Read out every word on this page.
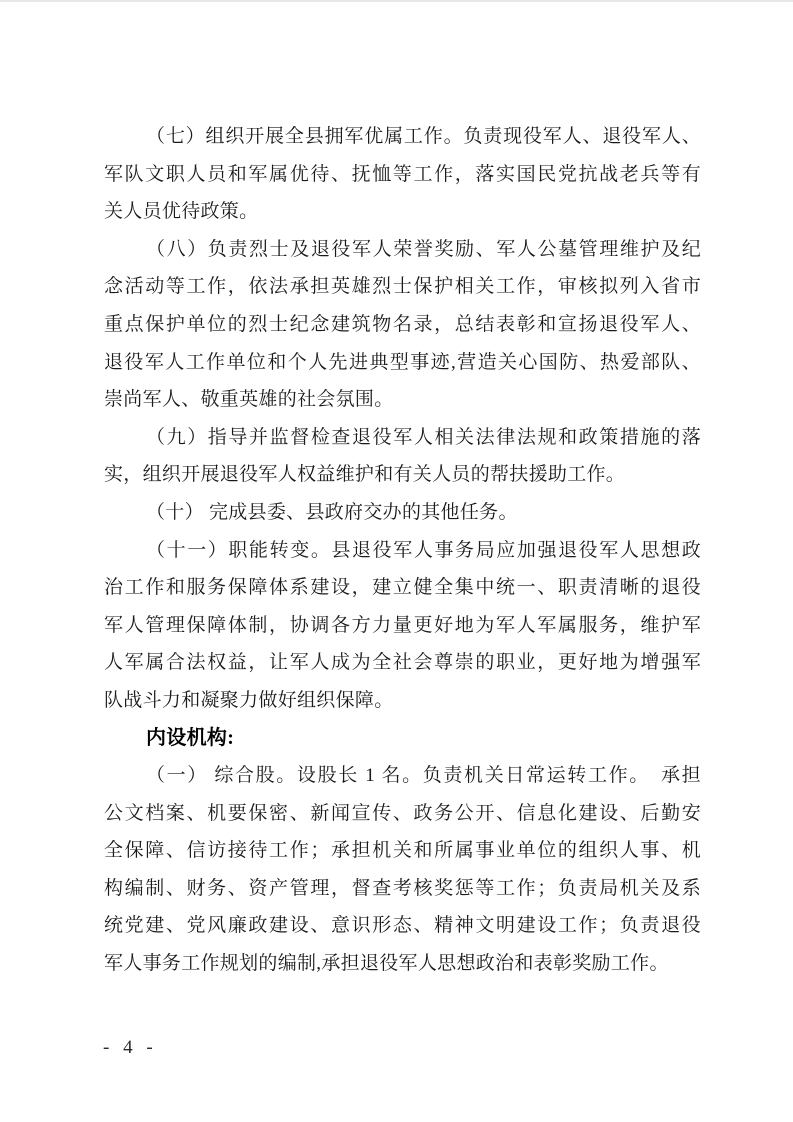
（七）组织开展全县拥军优属工作。负责现役军人、退役军人、
军队文职人员和军属优待、抚恤等工作，落实国民党抗战老兵等有
关人员优待政策。
（八）负责烈士及退役军人荣誉奖励、军人公墓管理维护及纪
念活动等工作，依法承担英雄烈士保护相关工作，审核拟列入省市
重点保护单位的烈士纪念建筑物名录，总结表彰和宣扬退役军人、
退役军人工作单位和个人先进典型事迹,营造关心国防、热爱部队、
崇尚军人、敬重英雄的社会氛围。
（九）指导并监督检查退役军人相关法律法规和政策措施的落
实，组织开展退役军人权益维护和有关人员的帮扶援助工作。
（十） 完成县委、县政府交办的其他任务。
（十一）职能转变。县退役军人事务局应加强退役军人思想政
治工作和服务保障体系建设，建立健全集中统一、职责清晰的退役
军人管理保障体制，协调各方力量更好地为军人军属服务，维护军
人军属合法权益，让军人成为全社会尊崇的职业，更好地为增强军
队战斗力和凝聚力做好组织保障。
内设机构:
（一） 综合股。设股长 1 名。负责机关日常运转工作。　承担
公文档案、机要保密、新闻宣传、政务公开、信息化建设、后勤安
全保障、信访接待工作；承担机关和所属事业单位的组织人事、机
构编制、财务、资产管理，督查考核奖惩等工作；负责局机关及系
统党建、党风廉政建设、意识形态、精神文明建设工作；负责退役
军人事务工作规划的编制,承担退役军人思想政治和表彰奖励工作。
- 4 -
